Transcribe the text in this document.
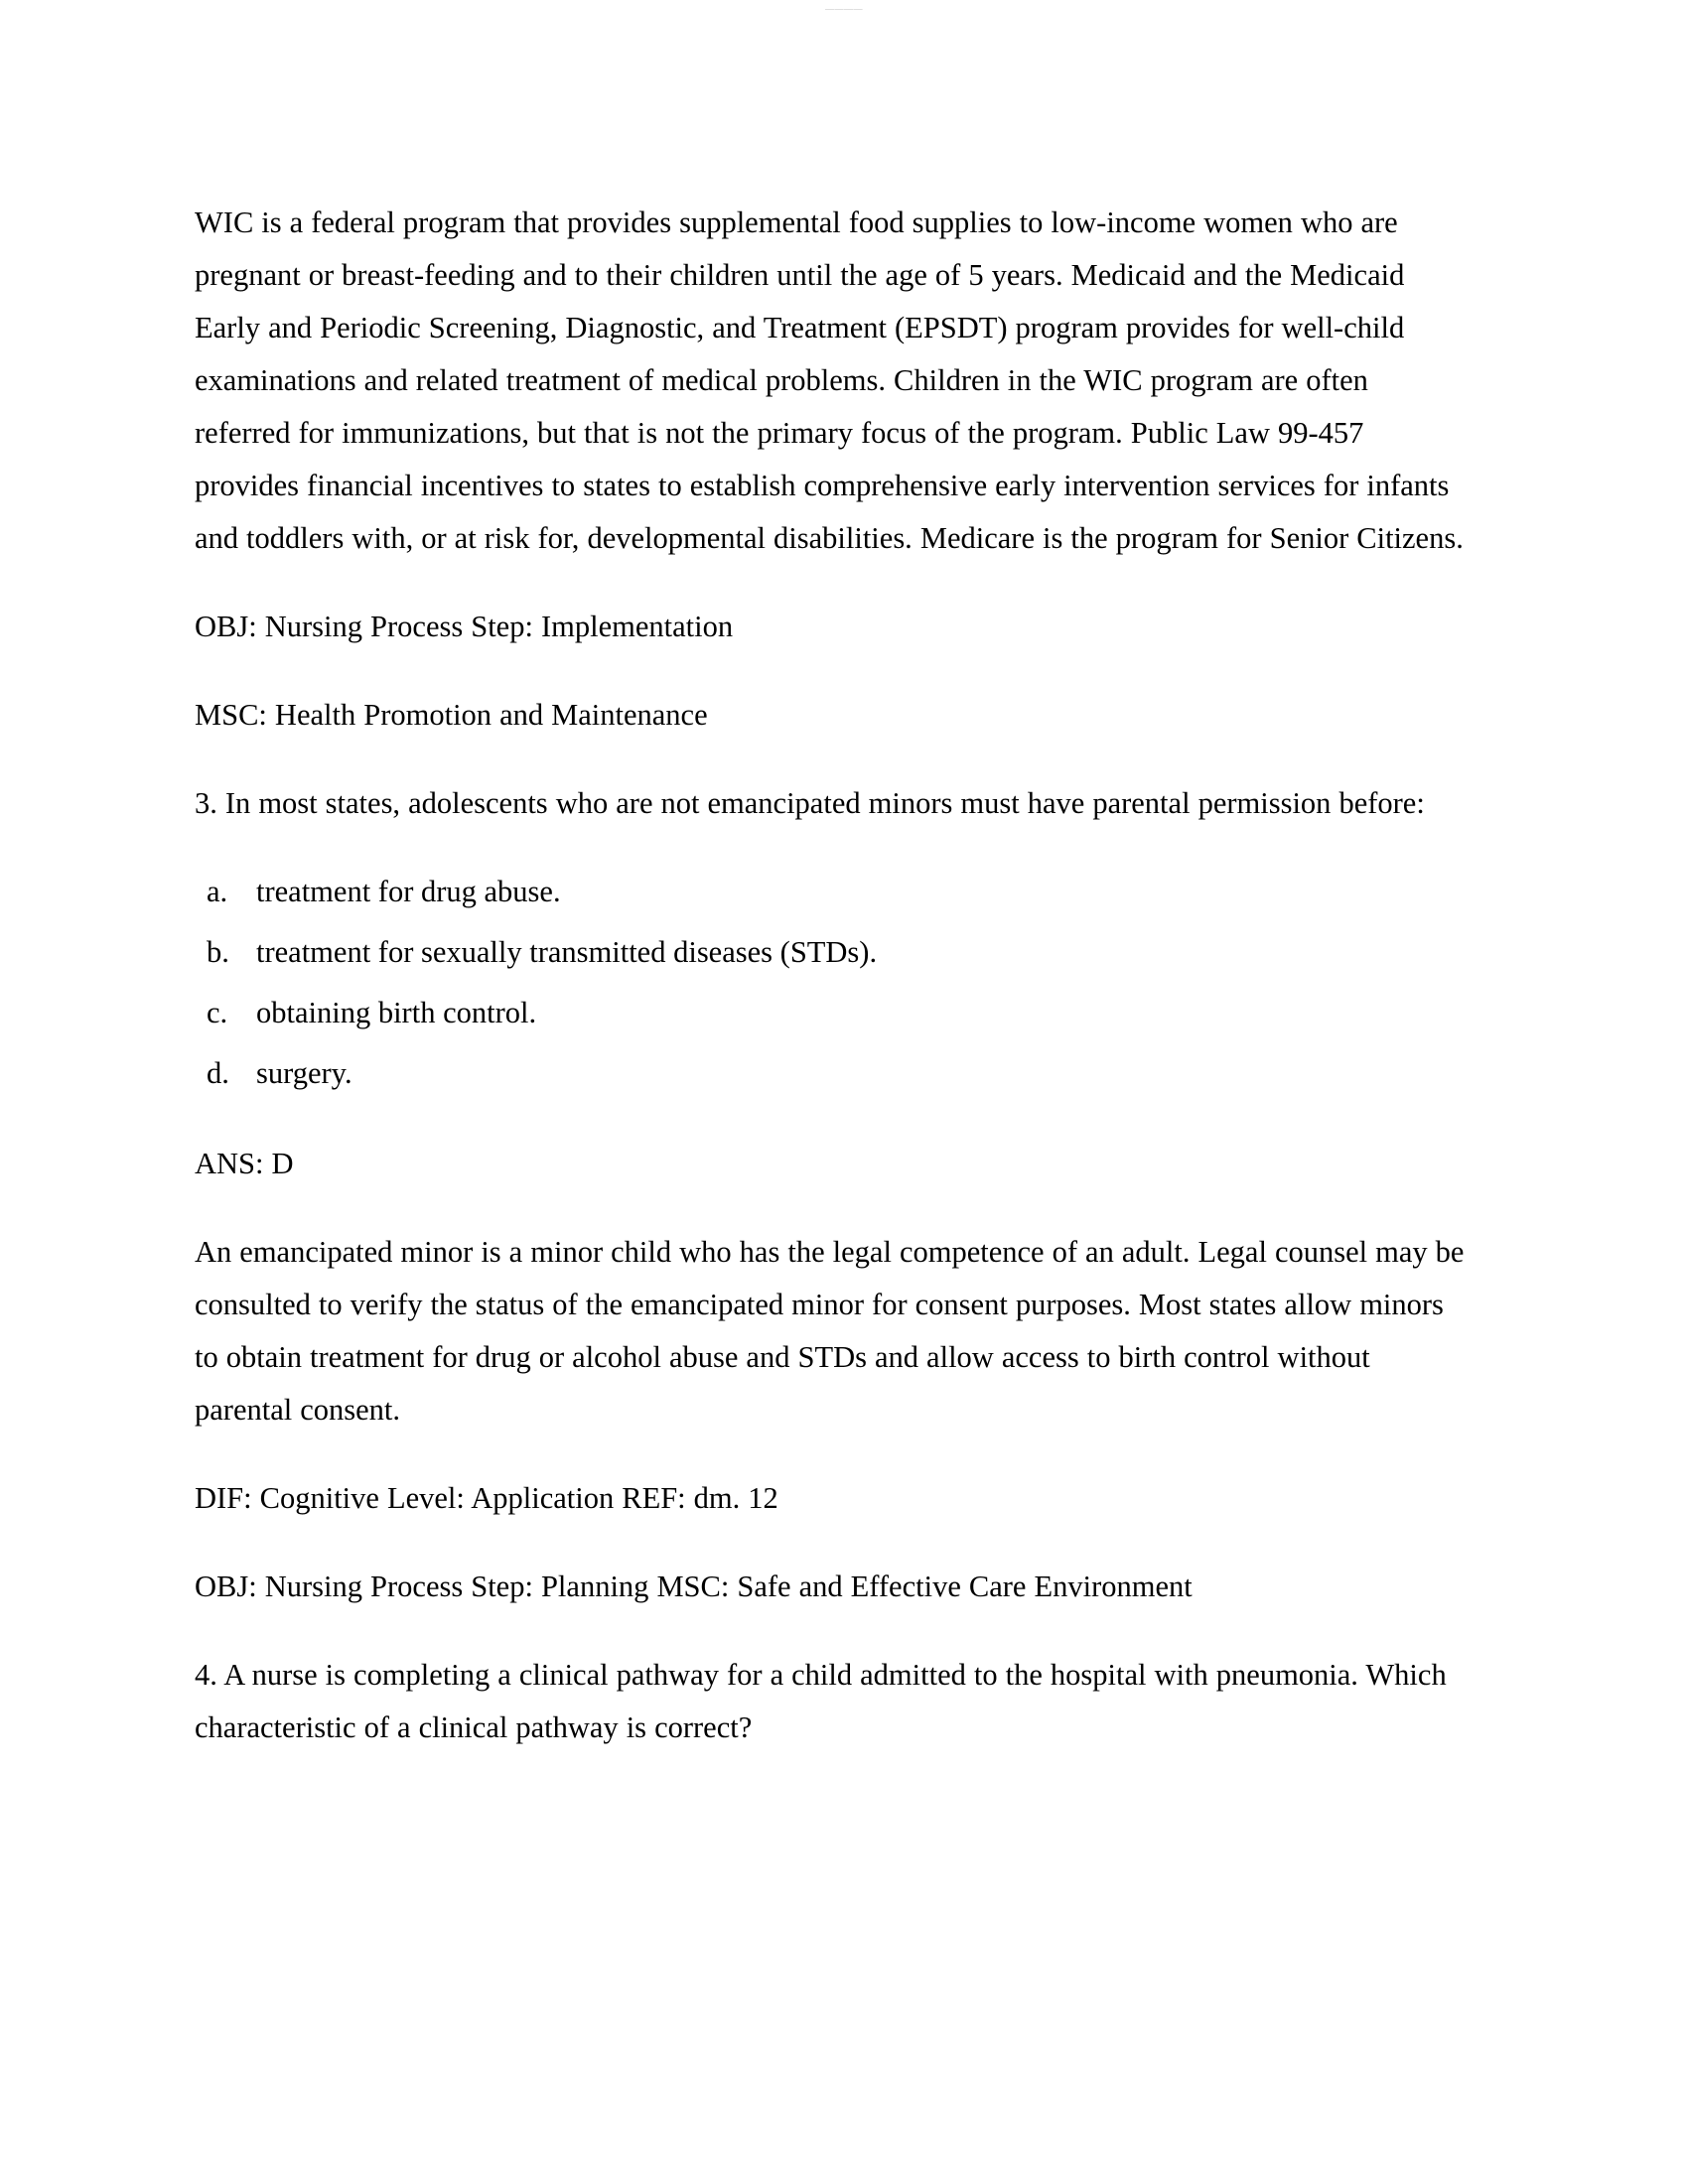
————

WIC is a federal program that provides supplemental food supplies to low-income women who are pregnant or breast-feeding and to their children until the age of 5 years. Medicaid and the Medicaid Early and Periodic Screening, Diagnostic, and Treatment (EPSDT) program provides for well-child examinations and related treatment of medical problems. Children in the WIC program are often referred for immunizations, but that is not the primary focus of the program. Public Law 99-457 provides financial incentives to states to establish comprehensive early intervention services for infants and toddlers with, or at risk for, developmental disabilities. Medicare is the program for Senior Citizens.

OBJ: Nursing Process Step: Implementation

MSC: Health Promotion and Maintenance

3. In most states, adolescents who are not emancipated minors must have parental permission before:

a. treatment for drug abuse.
b. treatment for sexually transmitted diseases (STDs).
c. obtaining birth control.
d. surgery.

ANS: D

An emancipated minor is a minor child who has the legal competence of an adult. Legal counsel may be consulted to verify the status of the emancipated minor for consent purposes. Most states allow minors to obtain treatment for drug or alcohol abuse and STDs and allow access to birth control without parental consent.

DIF: Cognitive Level: Application REF: dm. 12

OBJ: Nursing Process Step: Planning MSC: Safe and Effective Care Environment

4. A nurse is completing a clinical pathway for a child admitted to the hospital with pneumonia. Which characteristic of a clinical pathway is correct?
